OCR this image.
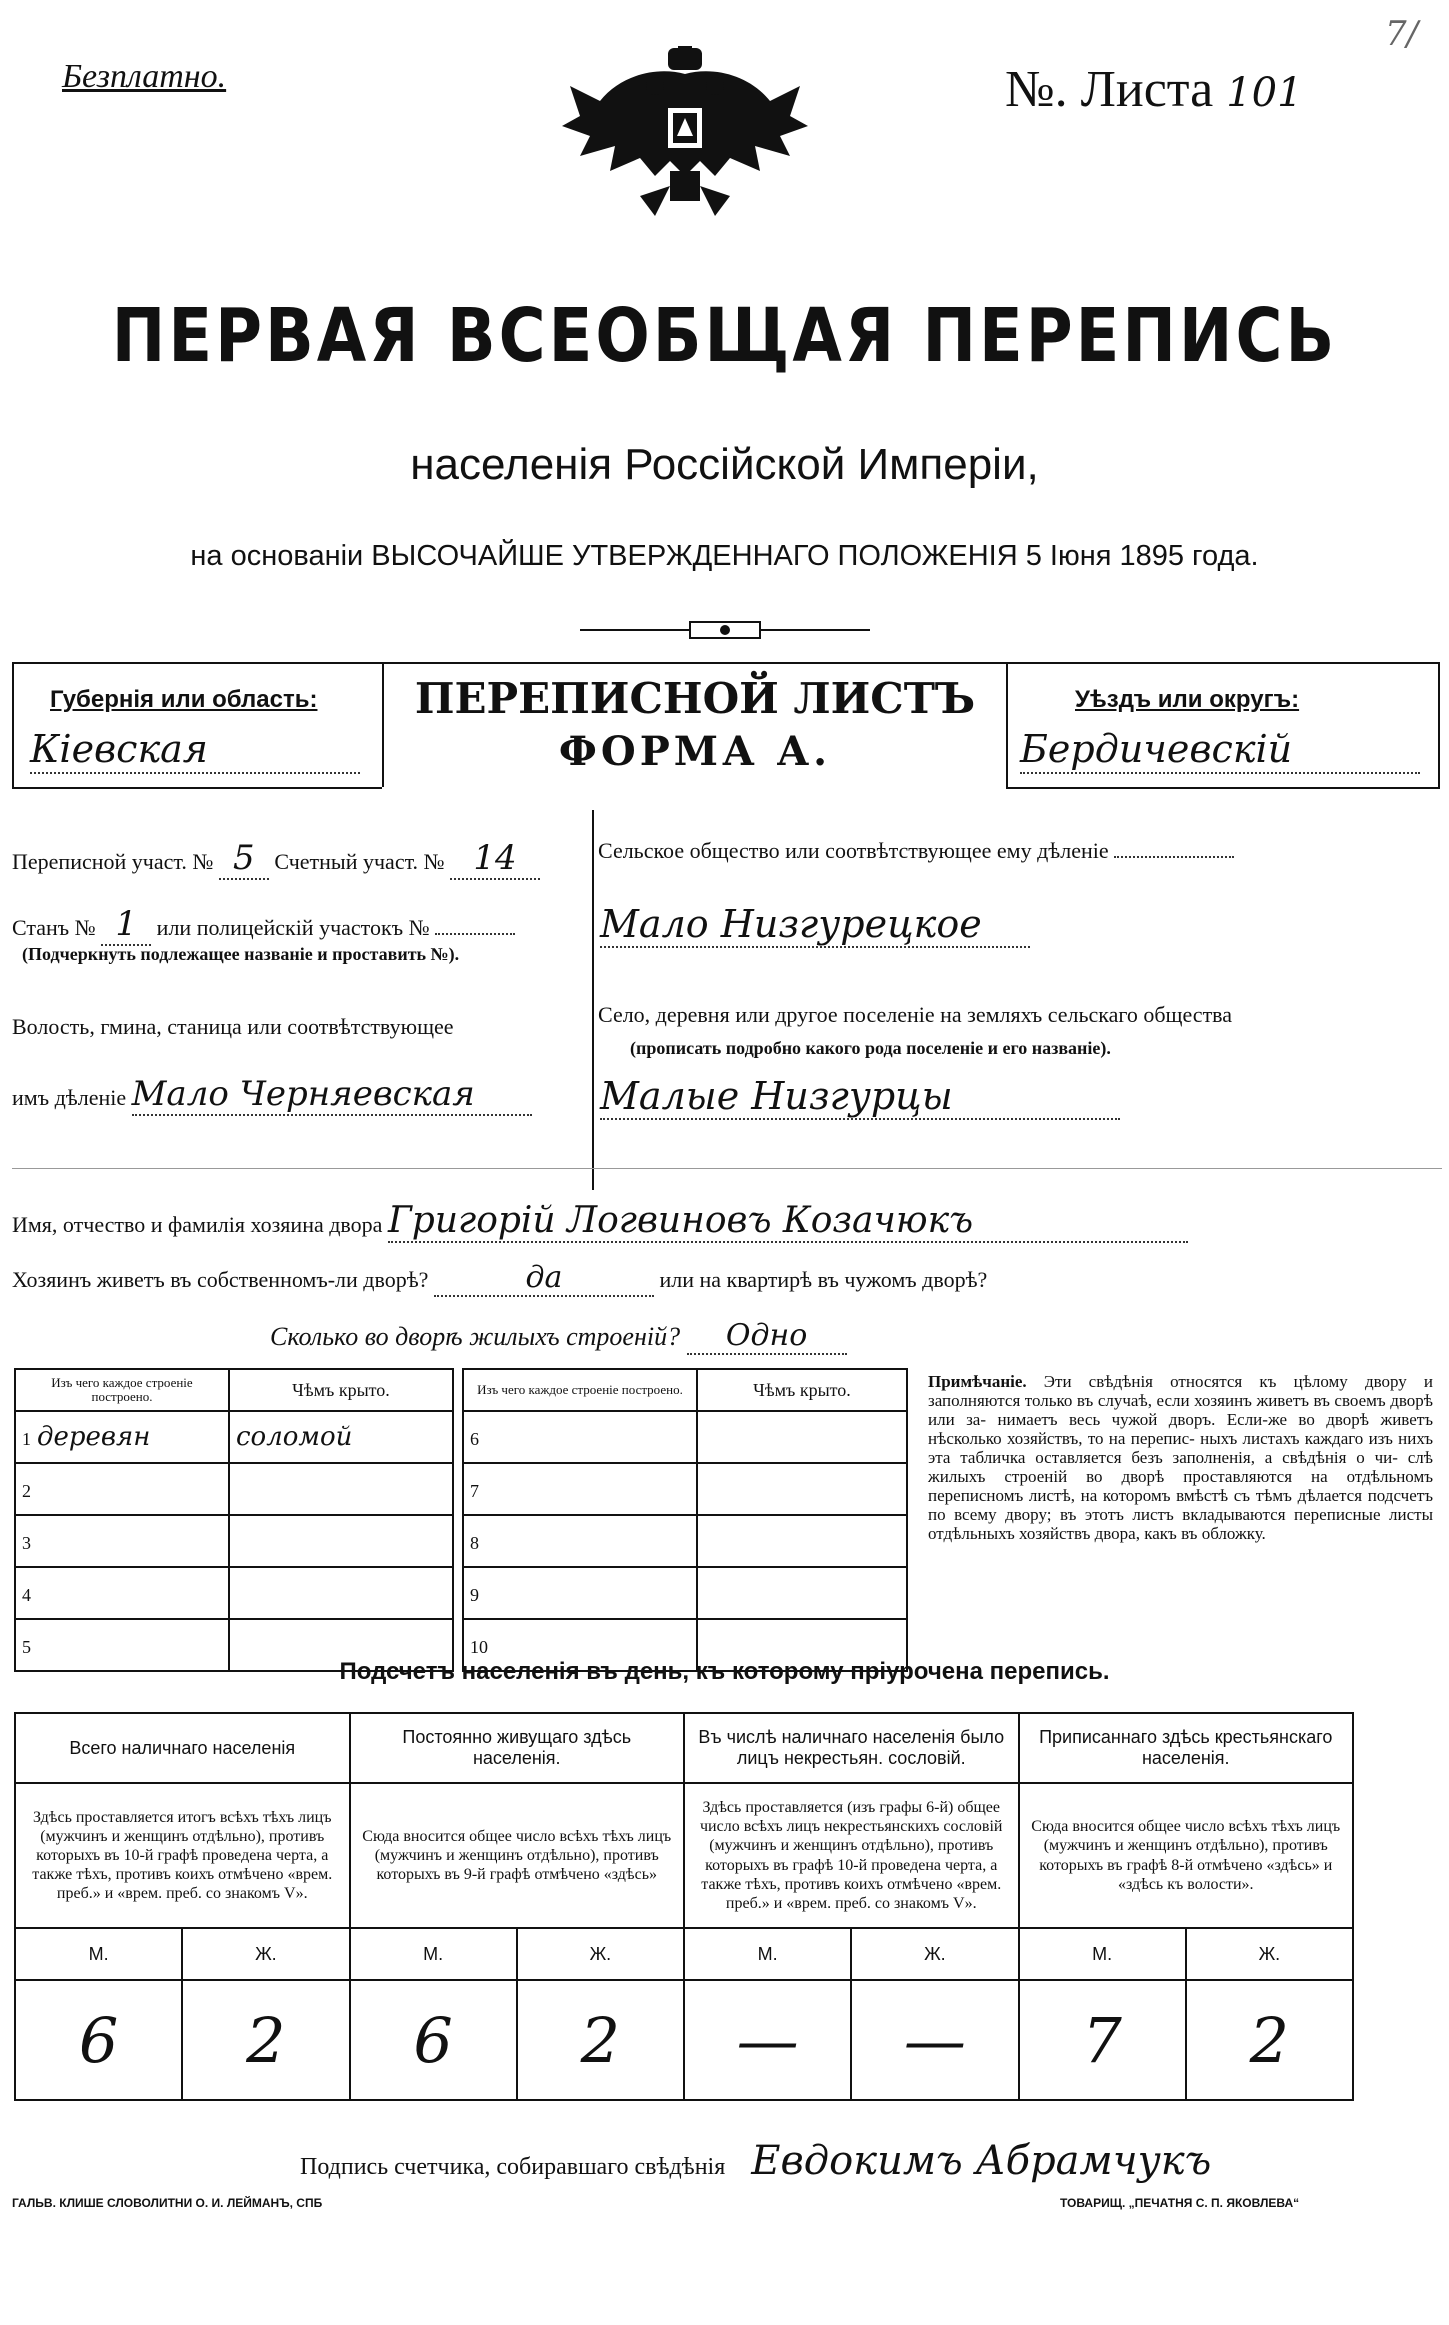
Безплатно.	№. Листа 101
7/
ПЕРВАЯ ВСЕОБЩАЯ ПЕРЕПИСЬ
населенія Россійской Имперіи,
на основаніи ВЫСОЧАЙШЕ УТВЕРЖДЕННАГО ПОЛОЖЕНІЯ 5 Іюня 1895 года.
Губернія или область:
Кіевская
ПЕРЕПИСНОЙ ЛИСТЪ
ФОРМА А.
Уѣздъ или округъ:
Бердичевскій
Переписной участ. № 5 Счетный участ. № 14
Станъ № 1 или полицейскій участокъ №
(Подчеркнуть подлежащее названіе и проставить №).
Волость, гмина, станица или соотвѣтствующее
имъ дѣленіе Мало Черняевская
Сельское общество или соотвѣтствующее ему дѣленіе
Мало Низгурецкое
Село, деревня или другое поселеніе на земляхъ сельскаго общества
(прописать подробно какого рода поселеніе и его названіе).
Малые Низгурцы
Имя, отчество и фамилія хозяина двора Григорій Логвиновъ Козачюкъ
Хозяинъ живетъ въ собственномъ-ли дворѣ?	да	или на квартирѣ въ чужомъ дворѣ?
Сколько во дворѣ жилыхъ строеній? Одно
Изъ чего каждое строеніе построено.	Чѣмъ крыто.
1 деревян	соломой
2	
3	
4	
5	
Изъ чего каждое строеніе построено.	Чѣмъ крыто.
6	
7	
8	
9	
10	
Примѣчаніе. Эти свѣдѣнія относятся къ цѣлому двору и заполняются только въ случаѣ, если хозяинъ живетъ въ своемъ дворѣ или за- нимаетъ весь чужой дворъ. Если-же во дворѣ живетъ нѣсколько хозяйствъ, то на перепис- ныхъ листахъ каждаго изъ нихъ эта табличка оставляется безъ заполненія, а свѣдѣнія о чи- слѣ жилыхъ строеній во дворѣ проставляются на отдѣльномъ переписномъ листѣ, на которомъ вмѣстѣ съ тѣмъ дѣлается подсчетъ по всему двору; въ этотъ листъ вкладываются переписные листы отдѣльныхъ хозяйствъ двора, какъ въ обложку.
Подсчетъ населенія въ день, къ которому пріурочена перепись.
Всего наличнаго населенія		Постоянно живущаго здѣсь населенія.		Въ числѣ наличнаго населенія было лицъ некрестьян. сословій.		Приписаннаго здѣсь крестьянскаго населенія.	
Здѣсь проставляется итогъ всѣхъ тѣхъ лицъ (мужчинъ и женщинъ отдѣльно), противъ которыхъ въ 10-й графѣ проведена черта, а также тѣхъ, противъ коихъ отмѣчено «врем. преб.» и «врем. преб. со знакомъ V».		Сюда вносится общее число всѣхъ тѣхъ лицъ (мужчинъ и женщинъ отдѣльно), противъ которыхъ въ 9-й графѣ отмѣчено «здѣсь»		Здѣсь проставляется (изъ графы 6-й) общее число всѣхъ лицъ некрестьянскихъ сословій (мужчинъ и женщинъ отдѣльно), противъ которыхъ въ графѣ 10-й проведена черта, а также тѣхъ, противъ коихъ отмѣчено «врем. преб.» и «врем. преб. со знакомъ V».		Сюда вносится общее число всѣхъ тѣхъ лицъ (мужчинъ и женщинъ отдѣльно), противъ которыхъ въ графѣ 8-й отмѣчено «здѣсь» и «здѣсь къ волости».	
М.	Ж.	М.	Ж.	М.	Ж.	М.	Ж.
6	2	6	2	—	—	7	2
Подпись счетчика, собиравшаго свѣдѣнія Евдокимъ Абрамчукъ
ГАЛЬВ. КЛИШЕ СЛОВОЛИТНИ О. И. ЛЕЙМАНЪ, СПБ	ТОВАРИЩ. „ПЕЧАТНЯ С. П. ЯКОВЛЕВА“
